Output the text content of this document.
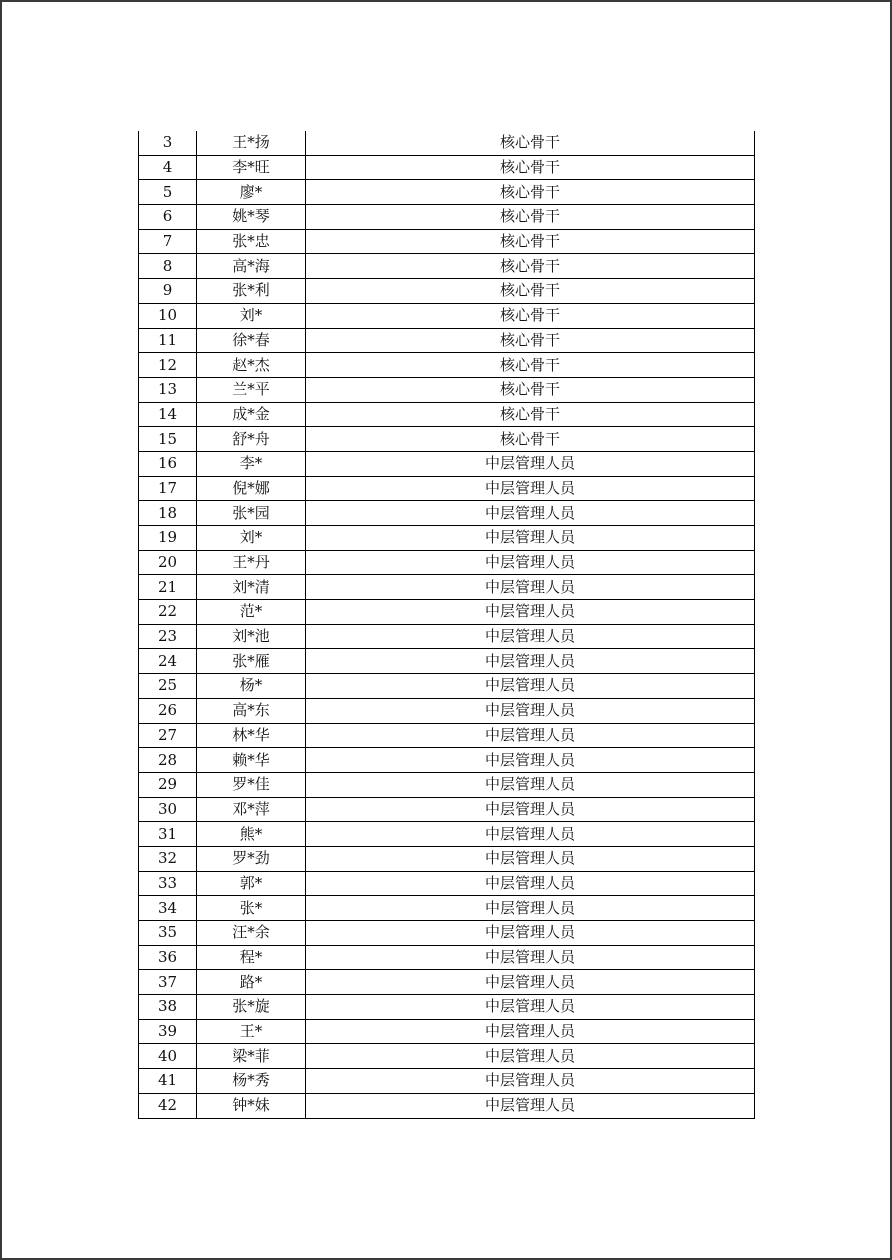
3	王*扬	核心骨干
4	李*旺	核心骨干
5	廖*	核心骨干
6	姚*琴	核心骨干
7	张*忠	核心骨干
8	高*海	核心骨干
9	张*利	核心骨干
10	刘*	核心骨干
11	徐*春	核心骨干
12	赵*杰	核心骨干
13	兰*平	核心骨干
14	成*金	核心骨干
15	舒*舟	核心骨干
16	李*	中层管理人员
17	倪*娜	中层管理人员
18	张*园	中层管理人员
19	刘*	中层管理人员
20	王*丹	中层管理人员
21	刘*清	中层管理人员
22	范*	中层管理人员
23	刘*池	中层管理人员
24	张*雁	中层管理人员
25	杨*	中层管理人员
26	高*东	中层管理人员
27	林*华	中层管理人员
28	赖*华	中层管理人员
29	罗*佳	中层管理人员
30	邓*萍	中层管理人员
31	熊*	中层管理人员
32	罗*劲	中层管理人员
33	郭*	中层管理人员
34	张*	中层管理人员
35	汪*余	中层管理人员
36	程*	中层管理人员
37	路*	中层管理人员
38	张*旋	中层管理人员
39	王*	中层管理人员
40	梁*菲	中层管理人员
41	杨*秀	中层管理人员
42	钟*妹	中层管理人员
